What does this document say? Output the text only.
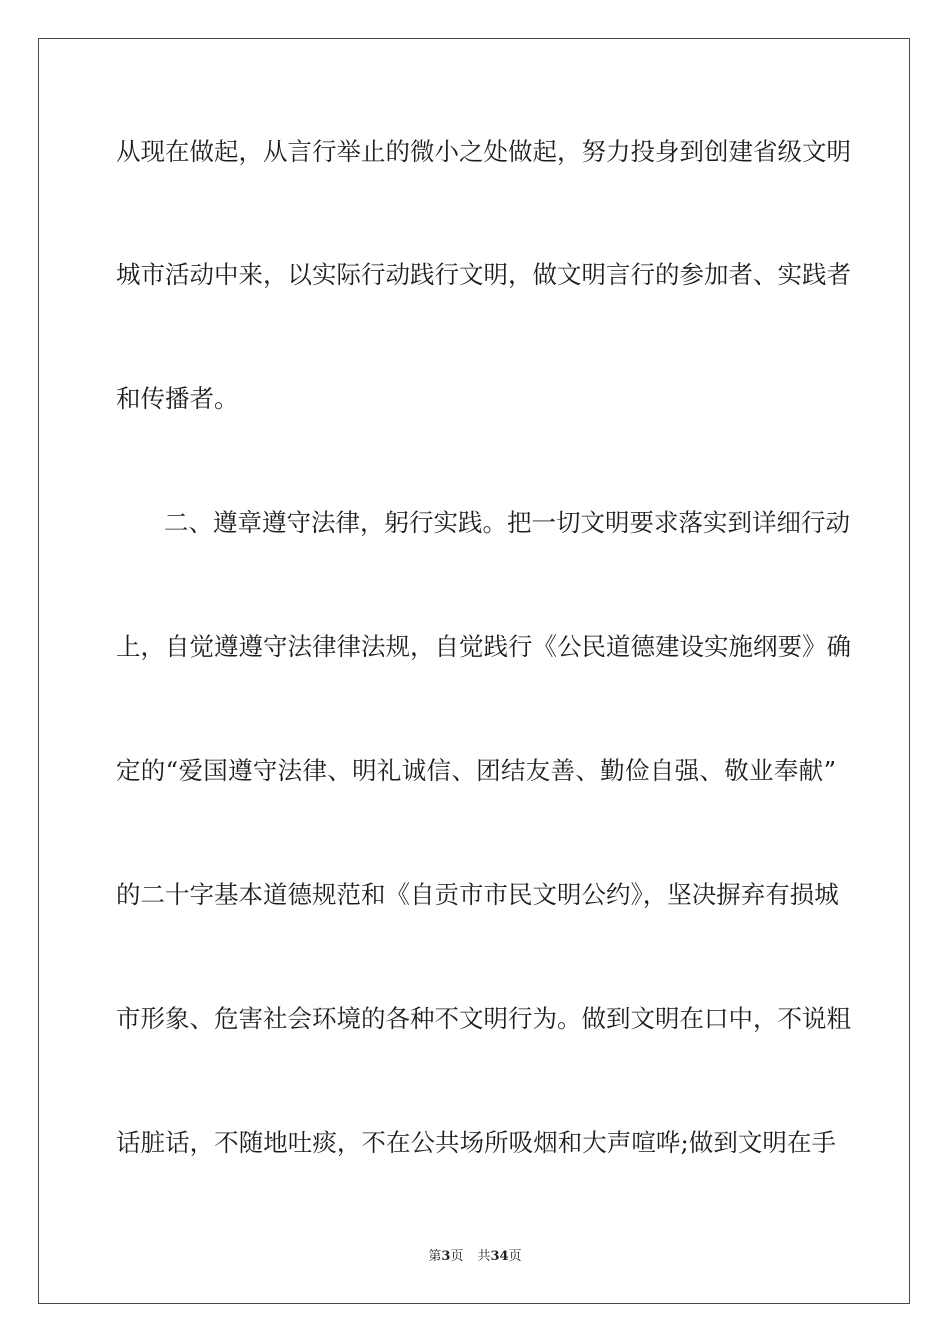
从现在做起，从言行举止的微小之处做起，努力投身到创建省级文明
城市活动中来，以实际行动践行文明，做文明言行的参加者、实践者
和传播者。
二、遵章遵守法律，躬行实践。把一切文明要求落实到详细行动
上，自觉遵遵守法律律法规，自觉践行《公民道德建设实施纲要》确
定的“爱国遵守法律、明礼诚信、团结友善、勤俭自强、敬业奉献”
的二十字基本道德规范和《自贡市市民文明公约》，坚决摒弃有损城
市形象、危害社会环境的各种不文明行为。做到文明在口中，不说粗
话脏话，不随地吐痰，不在公共场所吸烟和大声喧哗;做到文明在手
第3页 共34页
